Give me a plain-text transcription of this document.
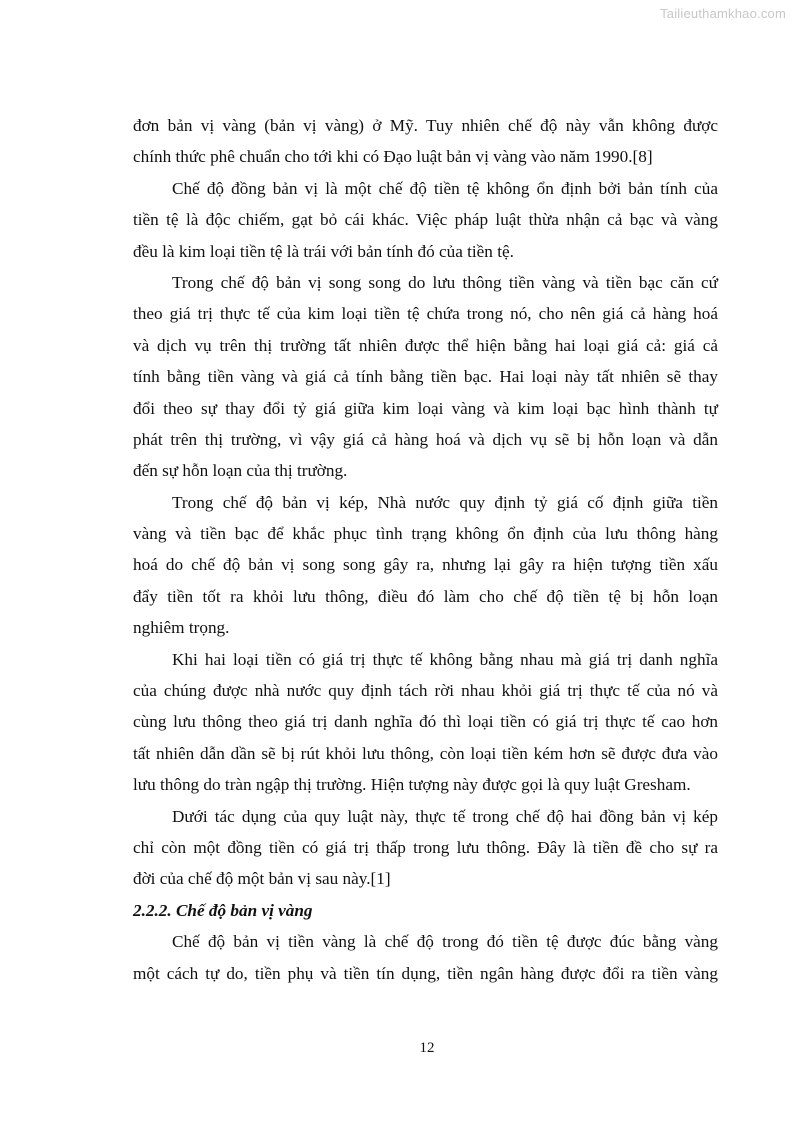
Tailieuthamkhao.com
đơn bản vị vàng (bản vị vàng) ở Mỹ. Tuy nhiên chế độ này vẫn không được
chính thức phê chuẩn cho tới khi có Đạo luật bản vị vàng vào năm 1990.[8]
Chế độ đồng bản vị là một chế độ tiền tệ không ổn định bởi bản tính của
tiền tệ là độc chiếm, gạt bỏ cái khác. Việc pháp luật thừa nhận cả bạc và vàng
đều là kim loại tiền tệ là trái với bản tính đó của tiền tệ.
Trong chế độ bản vị song song do lưu thông tiền vàng và tiền bạc căn cứ
theo giá trị thực tế của kim loại tiền tệ chứa trong nó, cho nên giá cả hàng hoá
và dịch vụ trên thị trường tất nhiên được thể hiện bằng hai loại giá cả: giá cả
tính bằng tiền vàng và giá cả tính bằng tiền bạc. Hai loại này tất nhiên sẽ thay
đổi theo sự thay đổi tỷ giá giữa kim loại vàng và kim loại bạc hình thành tự
phát trên thị trường, vì vậy giá cả hàng hoá và dịch vụ sẽ bị hỗn loạn và dẫn
đến sự hỗn loạn của thị trường.
Trong chế độ bản vị kép, Nhà nước quy định tỷ giá cố định giữa tiền
vàng và tiền bạc để khắc phục tình trạng không ổn định của lưu thông hàng
hoá do chế độ bản vị song song gây ra, nhưng lại gây ra hiện tượng tiền xấu
đẩy tiền tốt ra khỏi lưu thông, điều đó làm cho chế độ tiền tệ bị hỗn loạn
nghiêm trọng.
Khi hai loại tiền có giá trị thực tế không bằng nhau mà giá trị danh nghĩa
của chúng được nhà nước quy định tách rời nhau khỏi giá trị thực tế của nó và
cùng lưu thông theo giá trị danh nghĩa đó thì loại tiền có giá trị thực tế cao hơn
tất nhiên dẫn dần sẽ bị rút khỏi lưu thông, còn loại tiền kém hơn sẽ được đưa vào
lưu thông do tràn ngập thị trường. Hiện tượng này được gọi là quy luật Gresham.
Dưới tác dụng của quy luật này, thực tế trong chế độ hai đồng bản vị kép
chỉ còn một đồng tiền có giá trị thấp trong lưu thông. Đây là tiền đề cho sự ra
đời của chế độ một bản vị sau này.[1]
2.2.2. Chế độ bản vị vàng
Chế độ bản vị tiền vàng là chế độ trong đó tiền tệ được đúc bằng vàng
một cách tự do, tiền phụ và tiền tín dụng, tiền ngân hàng được đổi ra tiền vàng
12
